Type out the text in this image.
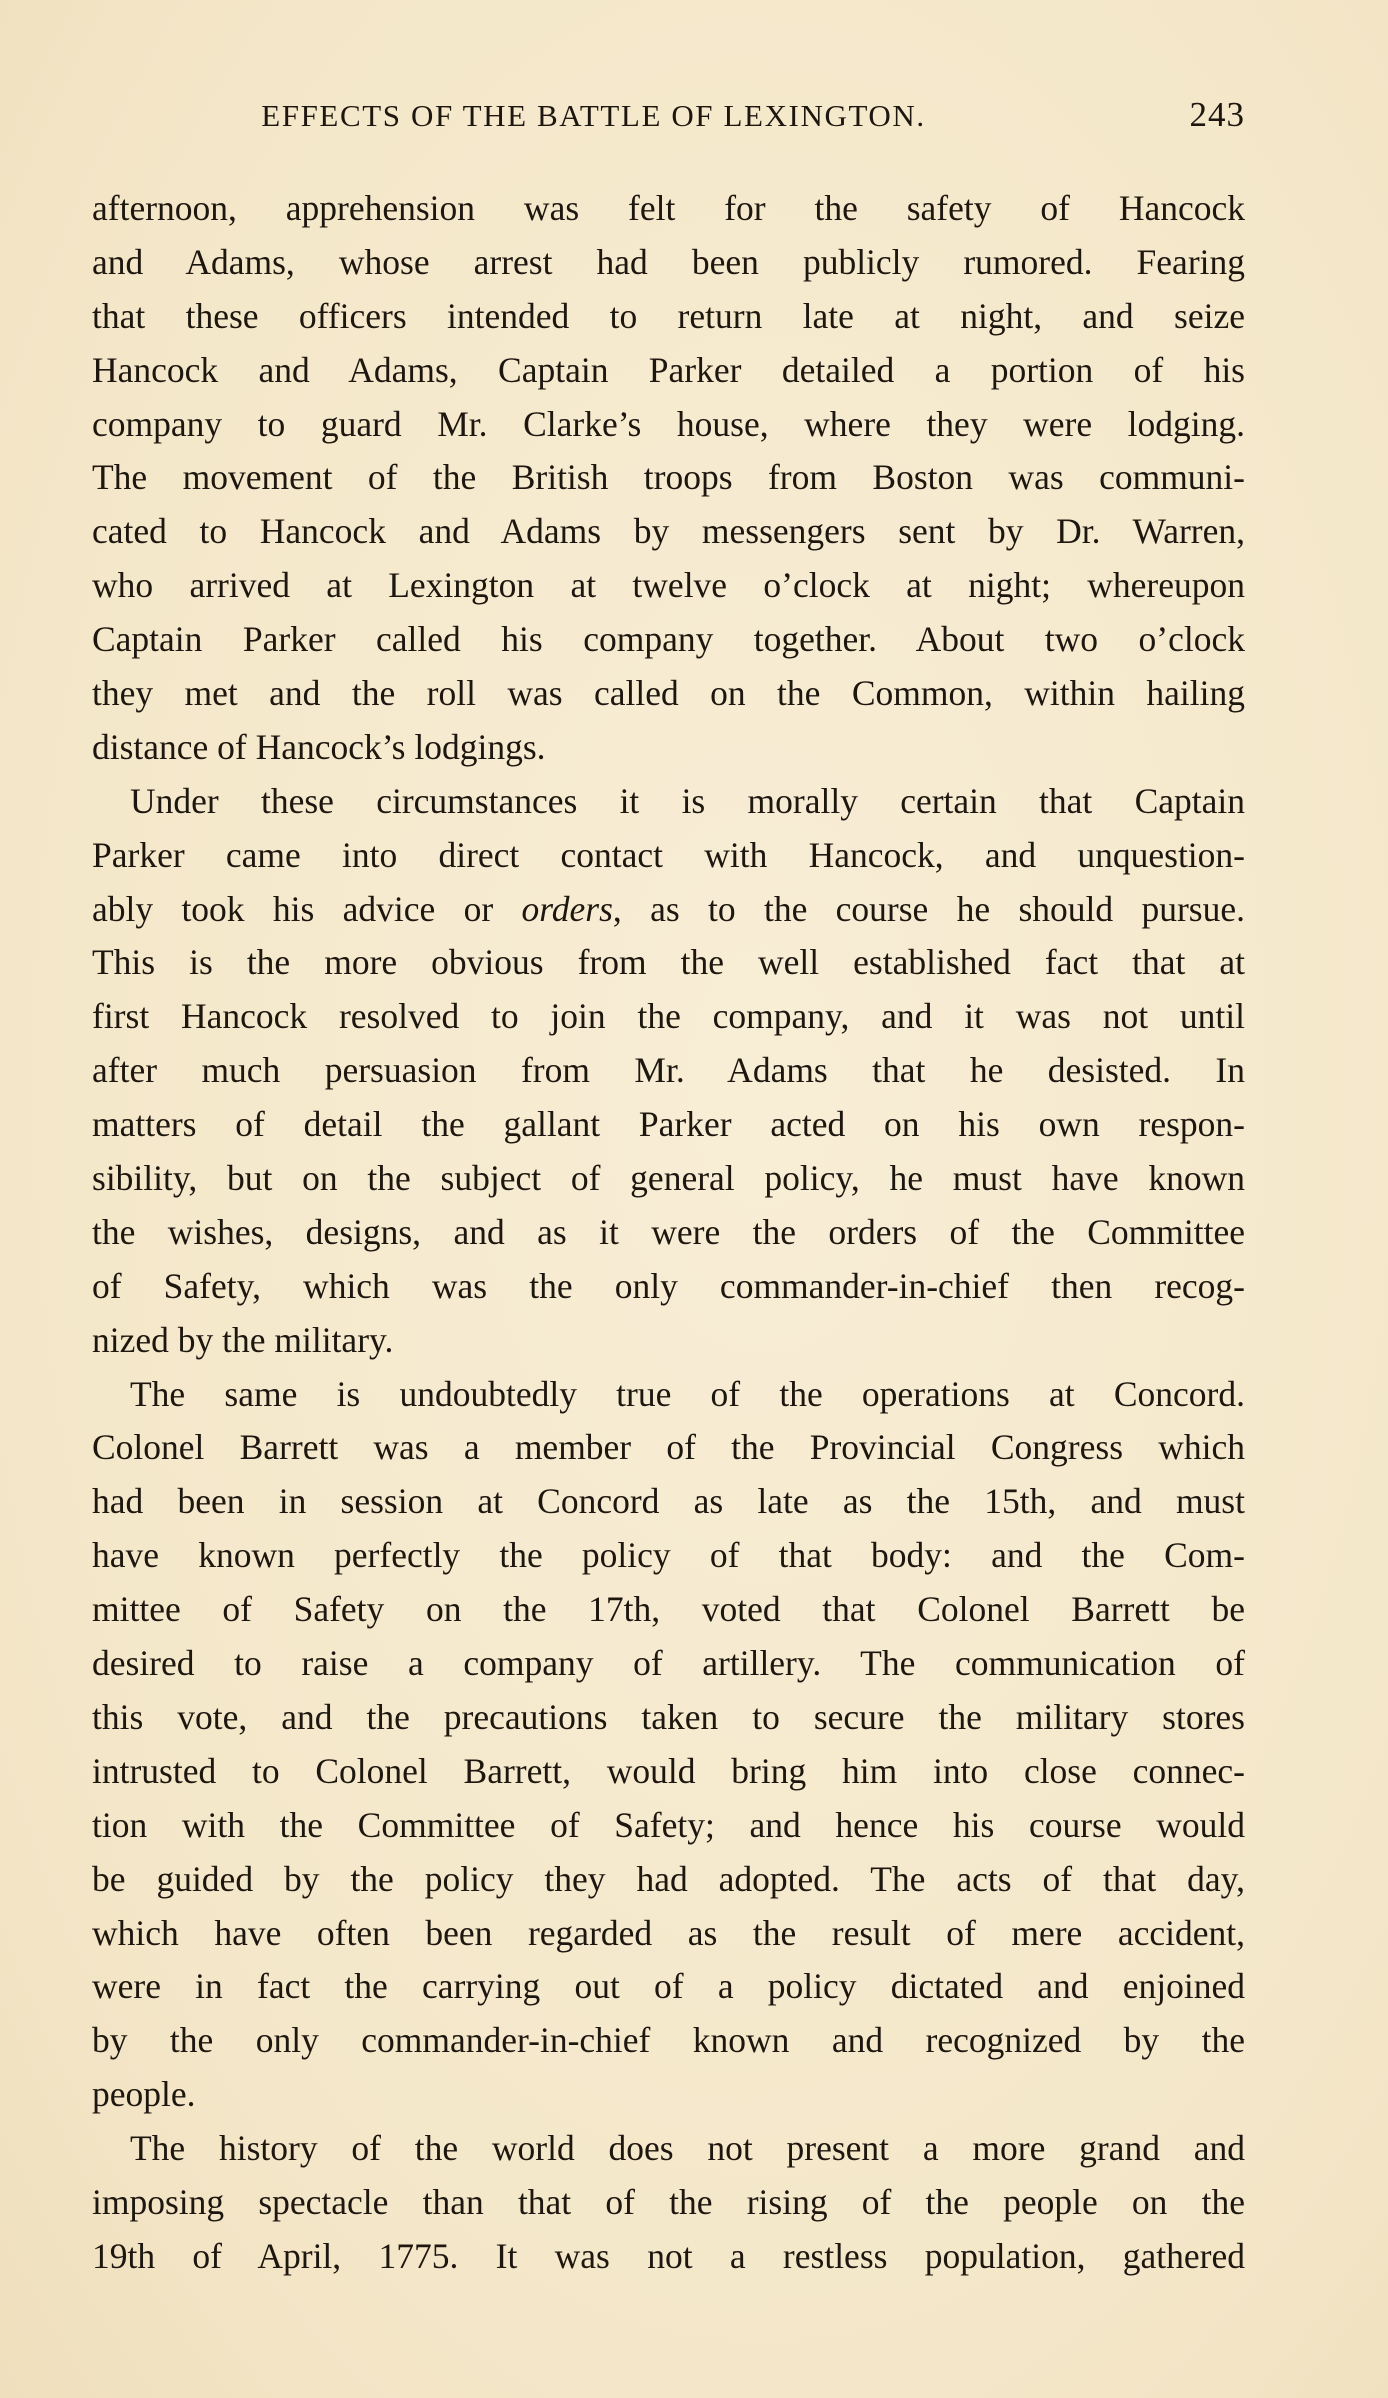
EFFECTS OF THE BATTLE OF LEXINGTON.	243
afternoon, apprehension was felt for the safety of Hancock
and Adams, whose arrest had been publicly rumored. Fearing
that these officers intended to return late at night, and seize
Hancock and Adams, Captain Parker detailed a portion of his
company to guard Mr. Clarke’s house, where they were lodging.
The movement of the British troops from Boston was communi-
cated to Hancock and Adams by messengers sent by Dr. Warren,
who arrived at Lexington at twelve o’clock at night; whereupon
Captain Parker called his company together. About two o’clock
they met and the roll was called on the Common, within hailing
distance of Hancock’s lodgings.
Under these circumstances it is morally certain that Captain
Parker came into direct contact with Hancock, and unquestion-
ably took his advice or orders, as to the course he should pursue.
This is the more obvious from the well established fact that at
first Hancock resolved to join the company, and it was not until
after much persuasion from Mr. Adams that he desisted. In
matters of detail the gallant Parker acted on his own respon-
sibility, but on the subject of general policy, he must have known
the wishes, designs, and as it were the orders of the Committee
of Safety, which was the only commander-in-chief then recog-
nized by the military.
The same is undoubtedly true of the operations at Concord.
Colonel Barrett was a member of the Provincial Congress which
had been in session at Concord as late as the 15th, and must
have known perfectly the policy of that body: and the Com-
mittee of Safety on the 17th, voted that Colonel Barrett be
desired to raise a company of artillery. The communication of
this vote, and the precautions taken to secure the military stores
intrusted to Colonel Barrett, would bring him into close connec-
tion with the Committee of Safety; and hence his course would
be guided by the policy they had adopted. The acts of that day,
which have often been regarded as the result of mere accident,
were in fact the carrying out of a policy dictated and enjoined
by the only commander-in-chief known and recognized by the
people.
The history of the world does not present a more grand and
imposing spectacle than that of the rising of the people on the
19th of April, 1775. It was not a restless population, gathered
